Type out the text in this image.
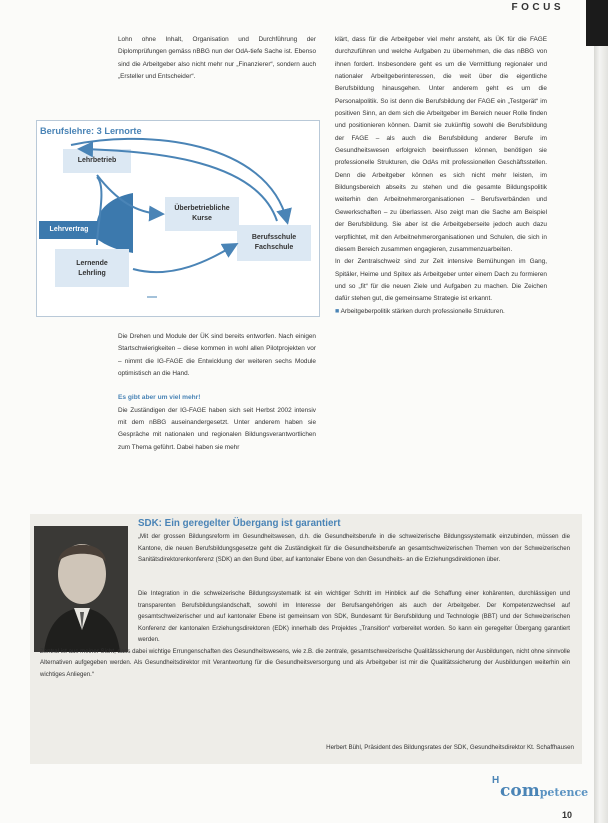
FOCUS

Lohn ohne Inhalt, Organisation und Durchführung der Diplomprüfungen gemäss nBBG nun der OdA-tiefe Sache ist. Ebenso sind die Arbeitgeber also nicht mehr nur „Finanzierer“, sondern auch „Ersteller und Entscheider“.

Berufslehre: 3 Lernorte
Lehrbetrieb
Überbetriebliche
Kurse
Lehrvertrag
Berufsschule
Fachschule
Lernende
Lehrling

Die Drehen und Module der ÜK sind bereits entworfen. Nach einigen Startschwierigkeiten – diese kommen in wohl allen Pilotprojekten vor – nimmt die IG-FAGE die Entwicklung der weiteren sechs Module optimistisch an die Hand.

Es gibt aber um viel mehr!

Die Zuständigen der IG-FAGE haben sich seit Herbst 2002 intensiv mit dem nBBG auseinandergesetzt. Unter anderem haben sie Gespräche mit nationalen und regionalen Bildungsverantwortlichen zum Thema geführt. Dabei haben sie mehr

klärt, dass für die Arbeitgeber viel mehr ansteht, als ÜK für die FAGE durchzuführen und welche Aufgaben zu übernehmen, die das nBBG von ihnen fordert. Insbesondere geht es um die Vermittlung regionaler und nationaler Arbeitgeberinteressen, die weit über die eigentliche Berufsbildung hinausgehen. Unter anderem geht es um die Personalpolitik. So ist denn die Berufsbildung der FAGE ein „Testgerät“ im positiven Sinn, an dem sich die Arbeitgeber im Bereich neuer Rolle finden und positionieren können. Damit sie zukünftig sowohl die Berufsbildung der FAGE – als auch die Berufsbildung anderer Berufe im Gesundheitswesen erfolgreich beeinflussen können, benötigen sie professionelle Strukturen, die OdAs mit professionellen Geschäftsstellen. Denn die Arbeitgeber können es sich nicht mehr leisten, im Bildungsbereich abseits zu stehen und die gesamte Bildungspolitik weiterhin den Arbeitnehmerorganisationen – Berufsverbänden und Gewerkschaften – zu überlassen. Also zeigt man die Sache am Beispiel der Berufsbildung. Sie aber ist die Arbeitgeberseite jedoch auch dazu verpflichtet, mit den Arbeitnehmerorganisationen und Schulen, die sich in diesem Bereich zusammen engagieren, zusammenzuarbeiten.

In der Zentralschweiz sind zur Zeit intensive Bemühungen im Gang, Spitäler, Heime und Spitex als Arbeitgeber unter einem Dach zu formieren und so „fit“ für die neuen Ziele und Aufgaben zu machen. Die Zeichen dafür stehen gut, die gemeinsame Strategie ist erkannt.

■ Arbeitgeberpolitik stärken durch professionelle Strukturen.

SDK: Ein geregelter Übergang ist garantiert

„Mit der grossen Bildungsreform im Gesundheitswesen, d.h. die Gesundheitsberufe in die schweizerische Bildungssystematik einzubinden, müssen die Kantone, die neuen Berufsbildungsgesetze geht die Zuständigkeit für die Gesundheitsberufe an gesamtschweizerischen Themen von der Schweizerischen Sanitätsdirektorenkonferenz (SDK) an den Bund über, auf kantonaler Ebene von den Gesundheits- an die Erziehungsdirektionen über.

Die Integration in die schweizerische Bildungssystematik ist ein wichtiger Schritt im Hinblick auf die Schaffung einer kohärenten, durchlässigen und transparenten Berufsbildungslandschaft, sowohl im Interesse der Berufsangehörigen als auch der Arbeitgeber. Der Kompetenzwechsel auf gesamtschweizerischer und auf kantonaler Ebene ist gemeinsam von SDK, Bundesamt für Berufsbildung und Technologie (BBT) und der Schweizerischen Konferenz der kantonalen Erziehungsdirektoren (EDK) innerhalb des Projektes „Transition“ vorbereitet worden. So kann ein geregelter Übergang garantiert werden.

Zentral ist aus meiner Sicht, dass dabei wichtige Errungenschaften des Gesundheitswesens, wie z.B. die zentrale, gesamtschweizerische Qualitätssicherung der Ausbildungen, nicht ohne sinnvolle Alternativen aufgegeben werden. Als Gesundheitsdirektor mit Verantwortung für die Gesundheitsversorgung und als Arbeitgeber ist mir die Qualitätssicherung der Ausbildungen weiterhin ein wichtiges Anliegen.“

Herbert Bühl, Präsident des Bildungsrates der SDK, Gesundheitsdirektor Kt. Schaffhausen
H
competence
10
